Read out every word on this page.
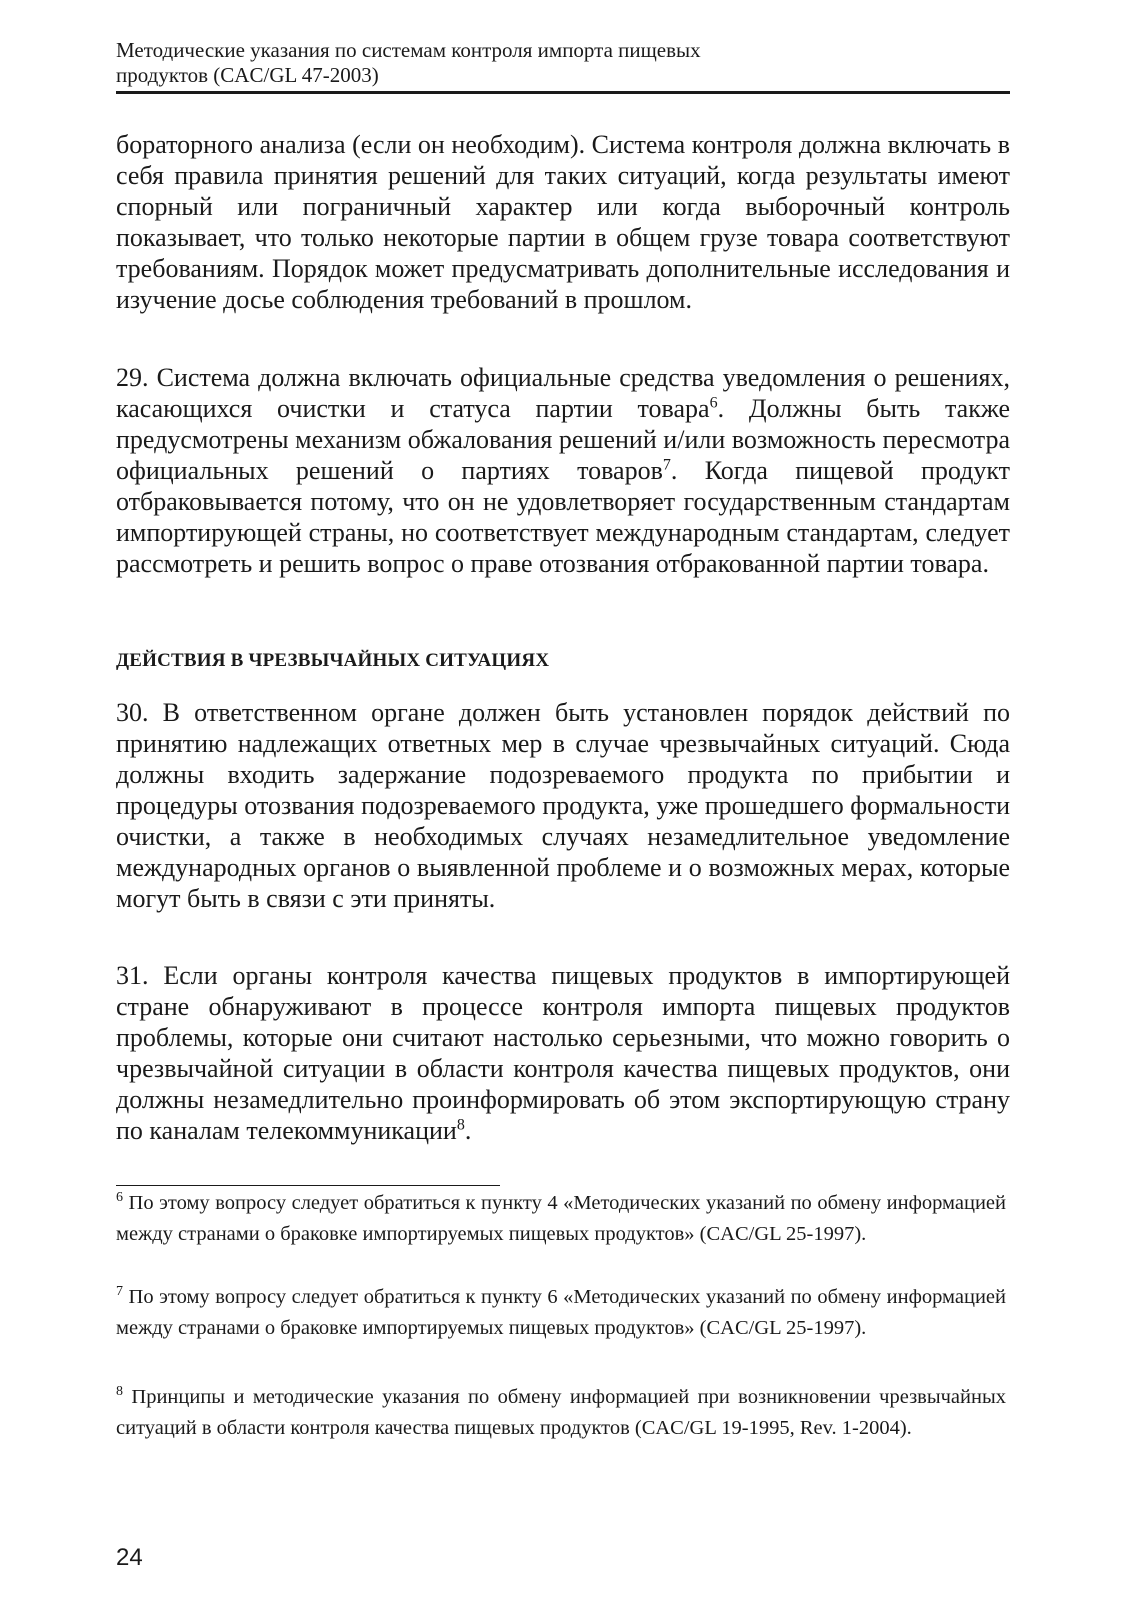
Методические указания по системам контроля импорта пищевых
продуктов (CAC/GL 47-2003)

бораторного анализа (если он необходим). Система контроля должна включать в себя правила принятия решений для таких ситуаций, когда результаты имеют спорный или пограничный характер или когда выборочный контроль показывает, что только некоторые партии в общем грузе товара соответствуют требованиям. Порядок может предусматривать дополнительные исследования и изучение досье соблюдения требований в прошлом.

29. Система должна включать официальные средства уведомления о решениях, касающихся очистки и статуса партии товара$^6$. Должны быть также предусмотрены механизм обжалования решений и/или возможность пересмотра официальных решений о партиях товаров$^7$. Когда пищевой продукт отбраковывается потому, что он не удовлетворяет государственным стандартам импортирующей страны, но соответствует международным стандартам, следует рассмотреть и решить вопрос о праве отозвания отбракованной партии товара.

ДЕЙСТВИЯ В ЧРЕЗВЫЧАЙНЫХ СИТУАЦИЯХ

30. В ответственном органе должен быть установлен порядок действий по принятию надлежащих ответных мер в случае чрезвычайных ситуаций. Сюда должны входить задержание подозреваемого продукта по прибытии и процедуры отозвания подозреваемого продукта, уже прошедшего формальности очистки, а также в необходимых случаях незамедлительное уведомление международных органов о выявленной проблеме и о возможных мерах, которые могут быть в связи с эти приняты.

31. Если органы контроля качества пищевых продуктов в импортирующей стране обнаруживают в процессе контроля импорта пищевых продуктов проблемы, которые они считают настолько серьезными, что можно говорить о чрезвычайной ситуации в области контроля качества пищевых продуктов, они должны незамедлительно проинформировать об этом экспортирующую страну по каналам телекоммуникации$^8$.

$^6$ По этому вопросу следует обратиться к пункту 4 «Методических указаний по обмену информацией между странами о браковке импортируемых пищевых продуктов» (CAC/GL 25-1997).

$^7$ По этому вопросу следует обратиться к пункту 6 «Методических указаний по обмену информацией между странами о браковке импортируемых пищевых продуктов» (CAC/GL 25-1997).

$^8$ Принципы и методические указания по обмену информацией при возникновении чрезвычайных ситуаций в области контроля качества пищевых продуктов (CAC/GL 19-1995, Rev. 1-2004).

24
